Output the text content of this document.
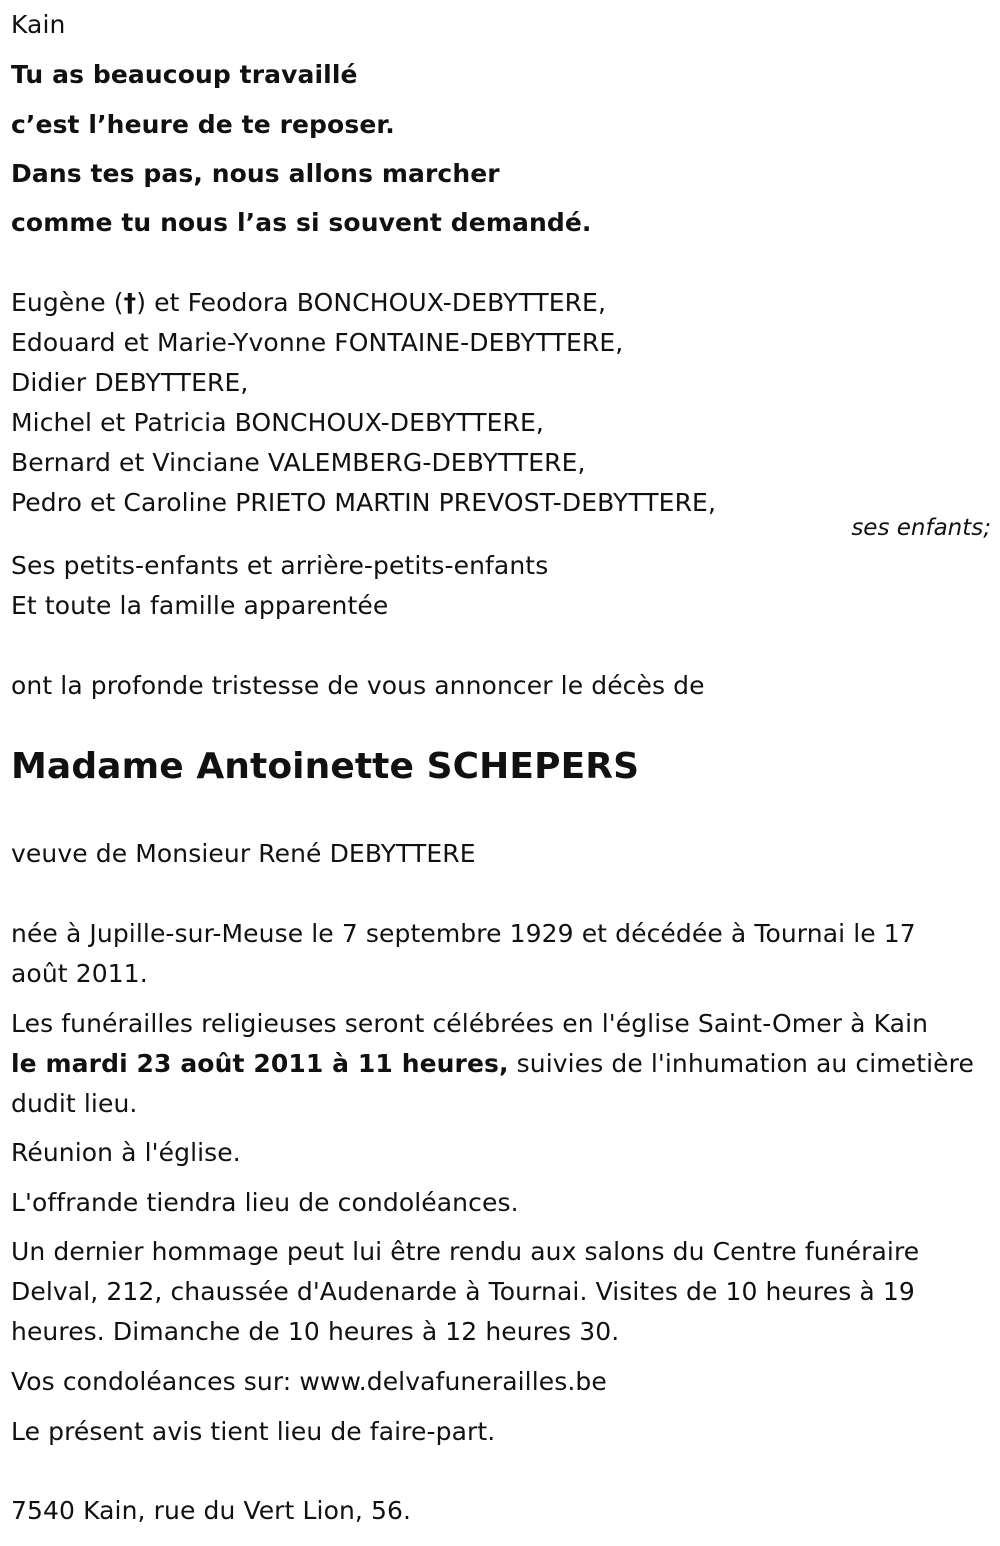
Kain
Tu as beaucoup travaillé
c’est l’heure de te reposer.
Dans tes pas, nous allons marcher
comme tu nous l’as si souvent demandé.
Eugène (†) et Feodora BONCHOUX-DEBYTTERE,
Edouard et Marie-Yvonne FONTAINE-DEBYTTERE,
Didier DEBYTTERE,
Michel et Patricia BONCHOUX-DEBYTTERE,
Bernard et Vinciane VALEMBERG-DEBYTTERE,
Pedro et Caroline PRIETO MARTIN PREVOST-DEBYTTERE,
ses enfants;
Ses petits-enfants et arrière-petits-enfants
Et toute la famille apparentée
ont la profonde tristesse de vous annoncer le décès de
Madame Antoinette SCHEPERS
veuve de Monsieur René DEBYTTERE
née à Jupille-sur-Meuse le 7 septembre 1929 et décédée à Tournai le 17
août 2011.
Les funérailles religieuses seront célébrées en l'église Saint-Omer à Kain
le mardi 23 août 2011 à 11 heures, suivies de l'inhumation au cimetière
dudit lieu.
Réunion à l'église.
L'offrande tiendra lieu de condoléances.
Un dernier hommage peut lui être rendu aux salons du Centre funéraire
Delval, 212, chaussée d'Audenarde à Tournai. Visites de 10 heures à 19
heures. Dimanche de 10 heures à 12 heures 30.
Vos condoléances sur: www.delvafunerailles.be
Le présent avis tient lieu de faire-part.
7540 Kain, rue du Vert Lion, 56.
